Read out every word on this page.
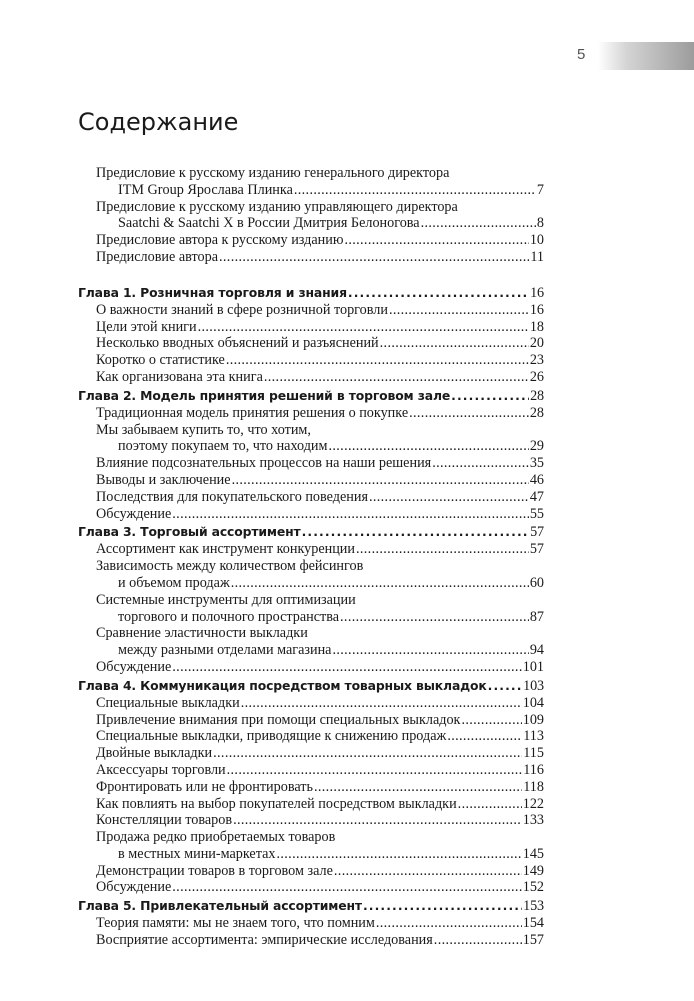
5
Содержание
Предисловие к русскому изданию генерального директора
ITM Group Ярослава Плинка . . .	7
Предисловие к русскому изданию управляющего директора
Saatchi & Saatchi X в России Дмитрия Белоногова . . .	8
Предисловие автора к русскому изданию . . .	10
Предисловие автора . . .	11
Глава 1. Розничная торговля и знания . . .	16
О важности знаний в сфере розничной торговли . . .	16
Цели этой книги . . .	18
Несколько вводных объяснений и разъяснений . . .	20
Коротко о статистике . . .	23
Как организована эта книга . . .	26
Глава 2. Модель принятия решений в торговом зале . . .	28
Традиционная модель принятия решения о покупке . . .	28
Мы забываем купить то, что хотим,
поэтому покупаем то, что находим . . .	29
Влияние подсознательных процессов на наши решения . . .	35
Выводы и заключение . . .	46
Последствия для покупательского поведения . . .	47
Обсуждение . . .	55
Глава 3. Торговый ассортимент . . .	57
Ассортимент как инструмент конкуренции . . .	57
Зависимость между количеством фейсингов
и объемом продаж . . .	60
Системные инструменты для оптимизации
торгового и полочного пространства . . .	87
Сравнение эластичности выкладки
между разными отделами магазина . . .	94
Обсуждение . . .	101
Глава 4. Коммуникация посредством товарных выкладок . . .	103
Специальные выкладки . . .	104
Привлечение внимания при помощи специальных выкладок . . .	109
Специальные выкладки, приводящие к снижению продаж . . .	113
Двойные выкладки . . .	115
Аксессуары торговли . . .	116
Фронтировать или не фронтировать . . .	118
Как повлиять на выбор покупателей посредством выкладки . . .	122
Констелляции товаров . . .	133
Продажа редко приобретаемых товаров
в местных мини-маркетах . . .	145
Демонстрации товаров в торговом зале . . .	149
Обсуждение . . .	152
Глава 5. Привлекательный ассортимент . . .	153
Теория памяти: мы не знаем того, что помним . . .	154
Восприятие ассортимента: эмпирические исследования . . .	157
